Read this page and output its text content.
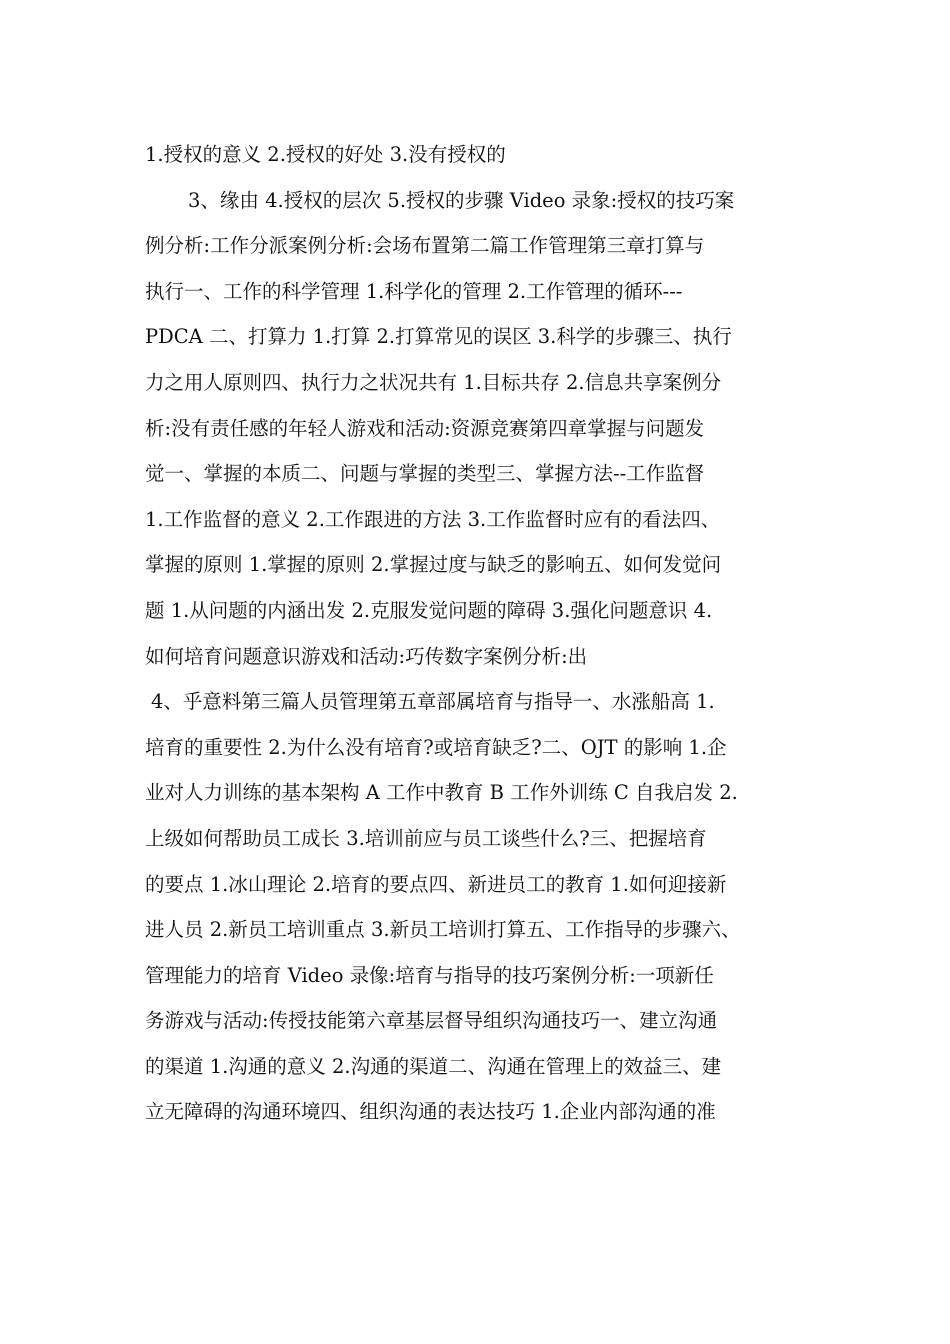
1.授权的意义 2.授权的好处 3.没有授权的
3、缘由 4.授权的层次 5.授权的步骤 Video 录象:授权的技巧案
例分析:工作分派案例分析:会场布置第二篇工作管理第三章打算与
执行一、工作的科学管理 1.科学化的管理 2.工作管理的循环---
PDCA 二、打算力 1.打算 2.打算常见的误区 3.科学的步骤三、执行
力之用人原则四、执行力之状况共有 1.目标共存 2.信息共享案例分
析:没有责任感的年轻人游戏和活动:资源竞赛第四章掌握与问题发
觉一、掌握的本质二、问题与掌握的类型三、掌握方法--工作监督
1.工作监督的意义 2.工作跟进的方法 3.工作监督时应有的看法四、
掌握的原则 1.掌握的原则 2.掌握过度与缺乏的影响五、如何发觉问
题 1.从问题的内涵出发 2.克服发觉问题的障碍 3.强化问题意识 4.
如何培育问题意识游戏和活动:巧传数字案例分析:出
4、乎意料第三篇人员管理第五章部属培育与指导一、水涨船高 1.
培育的重要性 2.为什么没有培育?或培育缺乏?二、OJT 的影响 1.企
业对人力训练的基本架构 A 工作中教育 B 工作外训练 C 自我启发 2.
上级如何帮助员工成长 3.培训前应与员工谈些什么?三、把握培育
的要点 1.冰山理论 2.培育的要点四、新进员工的教育 1.如何迎接新
进人员 2.新员工培训重点 3.新员工培训打算五、工作指导的步骤六、
管理能力的培育 Video 录像:培育与指导的技巧案例分析:一项新任
务游戏与活动:传授技能第六章基层督导组织沟通技巧一、建立沟通
的渠道 1.沟通的意义 2.沟通的渠道二、沟通在管理上的效益三、建
立无障碍的沟通环境四、组织沟通的表达技巧 1.企业内部沟通的准
